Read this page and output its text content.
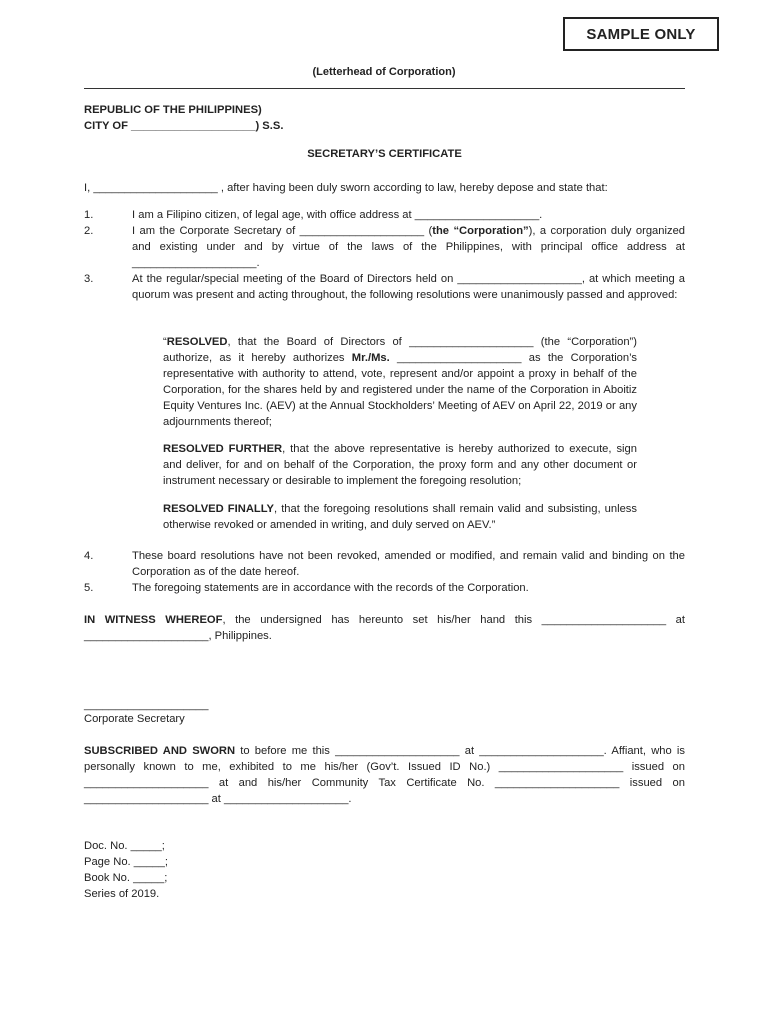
SAMPLE ONLY
(Letterhead of Corporation)
REPUBLIC OF THE PHILIPPINES)
CITY OF ____________________) S.S.
SECRETARY’S CERTIFICATE
I, ____________________ , after having been duly sworn according to law, hereby depose and state that:
1.	I am a Filipino citizen, of legal age, with office address at ____________________.
2.	I am the Corporate Secretary of ____________________ (the “Corporation”), a corporation duly organized and existing under and by virtue of the laws of the Philippines, with principal office address at ____________________.
3.	At the regular/special meeting of the Board of Directors held on ____________________, at which meeting a quorum was present and acting throughout, the following resolutions were unanimously passed and approved:
“RESOLVED, that the Board of Directors of ____________________ (the “Corporation”) authorize, as it hereby authorizes Mr./Ms. ____________________ as the Corporation’s representative with authority to attend, vote, represent and/or appoint a proxy in behalf of the Corporation, for the shares held by and registered under the name of the Corporation in Aboitiz Equity Ventures Inc. (AEV) at the Annual Stockholders’ Meeting of AEV on April 22, 2019 or any adjournments thereof;
RESOLVED FURTHER, that the above representative is hereby authorized to execute, sign and deliver, for and on behalf of the Corporation, the proxy form and any other document or instrument necessary or desirable to implement the foregoing resolution;
RESOLVED FINALLY, that the foregoing resolutions shall remain valid and subsisting, unless otherwise revoked or amended in writing, and duly served on AEV.”
4.	These board resolutions have not been revoked, amended or modified, and remain valid and binding on the Corporation as of the date hereof.
5.	The foregoing statements are in accordance with the records of the Corporation.
IN WITNESS WHEREOF, the undersigned has hereunto set his/her hand this ____________________ at ____________________, Philippines.
____________________
Corporate Secretary
SUBSCRIBED AND SWORN to before me this ____________________ at ____________________. Affiant, who is personally known to me, exhibited to me his/her (Gov’t. Issued ID No.) ____________________ issued on ____________________ at and his/her Community Tax Certificate No. ____________________ issued on ____________________ at ____________________.
Doc. No. _____;
Page No. _____;
Book No. _____;
Series of 2019.
